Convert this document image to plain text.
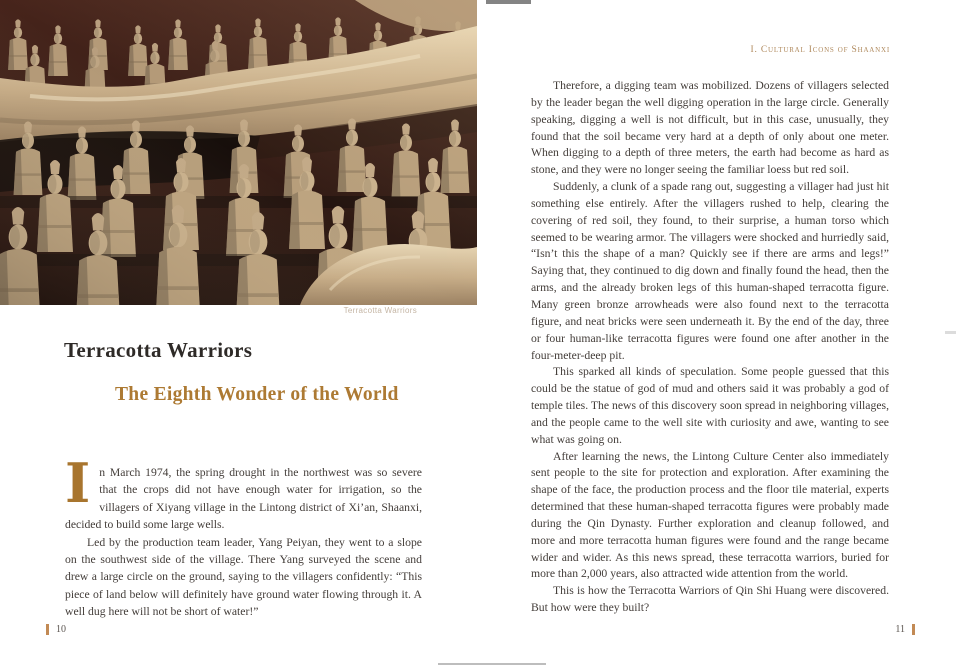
Terracotta Warriors
Terracotta Warriors
The Eighth Wonder of the World

In March 1974, the spring drought in the northwest was so severe that the crops did not have enough water for irrigation, so the villagers of Xiyang village in the Lintong district of Xi’an, Shaanxi, decided to build some large wells.

Led by the production team leader, Yang Peiyan, they went to a slope on the southwest side of the village. There Yang surveyed the scene and drew a large circle on the ground, saying to the villagers confidently: “This piece of land below will definitely have ground water flowing through it. A well dug here will not be short of water!”

10
I. Cultural Icons of Shaanxi

Therefore, a digging team was mobilized. Dozens of villagers selected by the leader began the well digging operation in the large circle. Generally speaking, digging a well is not difficult, but in this case, unusually, they found that the soil became very hard at a depth of only about one meter. When digging to a depth of three meters, the earth had become as hard as stone, and they were no longer seeing the familiar loess but red soil.

Suddenly, a clunk of a spade rang out, suggesting a villager had just hit something else entirely. After the villagers rushed to help, clearing the covering of red soil, they found, to their surprise, a human torso which seemed to be wearing armor. The villagers were shocked and hurriedly said, “Isn’t this the shape of a man? Quickly see if there are arms and legs!” Saying that, they continued to dig down and finally found the head, then the arms, and the already broken legs of this human-shaped terracotta figure. Many green bronze arrowheads were also found next to the terracotta figure, and neat bricks were seen underneath it. By the end of the day, three or four human-like terracotta figures were found one after another in the four-meter-deep pit.

This sparked all kinds of speculation. Some people guessed that this could be the statue of god of mud and others said it was probably a god of temple tiles. The news of this discovery soon spread in neighboring villages, and the people came to the well site with curiosity and awe, wanting to see what was going on.

After learning the news, the Lintong Culture Center also immediately sent people to the site for protection and exploration. After examining the shape of the face, the production process and the floor tile material, experts determined that these human-shaped terracotta figures were probably made during the Qin Dynasty. Further exploration and cleanup followed, and more and more terracotta human figures were found and the range became wider and wider. As this news spread, these terracotta warriors, buried for more than 2,000 years, also attracted wide attention from the world.

This is how the Terracotta Warriors of Qin Shi Huang were discovered. But how were they built?

11
